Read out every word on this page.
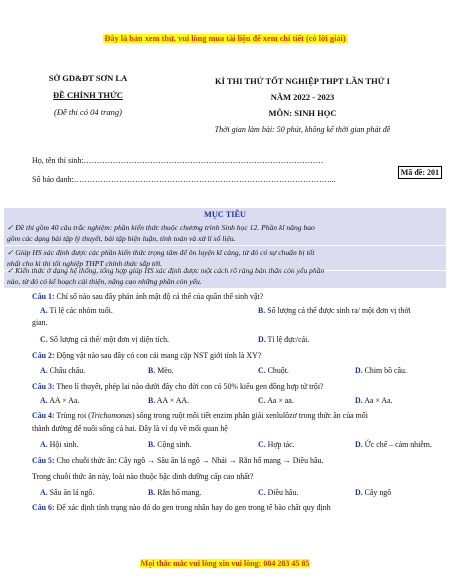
Đây là bản xem thử, vui lòng mua tài liệu để xem chi tiết (có lời giải)
SỞ GD&ĐT SƠN LA
ĐỀ CHÍNH THỨC
(Đề thi có 04 trang)
KÌ THI THỬ TỐT NGHIỆP THPT LẦN THỨ I
NĂM 2022 - 2023
MÔN: SINH HỌC
Thời gian làm bài: 50 phút, không kể thời gian phát đề
Mã đề: 201
Họ, tên thí sinh:………………………………………………………………………………
Số báo danh:……………………………………………………………………………………...
MỤC TIÊU
✓ Đề thi gồm 40 câu trắc nghiệm: phần kiến thức thuộc chương trình Sinh học 12. Phần kĩ năng bao
gồm các dạng bài tập lý thuyết, bài tập biện luận, tính toán và xử lí số liệu.
✓ Giúp HS xác định được các phần kiến thức trọng tâm để ôn luyện kĩ càng, từ đó có sự chuẩn bị tốt
nhất cho kì thi tốt nghiệp THPT chính thức sắp tới.
✓ Kiến thức ở dạng hệ thống, tổng hợp giúp HS xác định được một cách rõ ràng bản thân còn yếu phần
nào, từ đó có kế hoạch cải thiện, nâng cao những phần còn yếu.
Câu 1: Chỉ số nào sau đây phản ánh mật độ cá thể của quần thể sinh vật?
A. Tỉ lệ các nhóm tuổi.	B. Số lượng cá thể được sinh ra/ một đơn vị thời
gian.
C. Số lượng cá thể/ một đơn vị diện tích.	D. Tỉ lệ đực/cái.
Câu 2: Động vật nào sau đây có con cái mang cặp NST giới tính là XY?
A. Châu chấu.	B. Mèo.	C. Chuột.	D. Chim bồ câu.
Câu 3: Theo lí thuyết, phép lai nào dưới đây cho đời con có 50% kiểu gen đồng hợp tử trội?
A. AA × Aa.	B. AA × AA.	C. Aa × aa.	D. Aa × Aa.
Câu 4: Trùng roi (Trichomonas) sống trong ruột mối tiết enzim phân giải xenlulôzơ trong thức ăn của mối
thành đường để nuôi sống cả hai. Đây là ví dụ về mối quan hệ
A. Hội sinh.	B. Cộng sinh.	C. Hợp tác.	D. Ức chế – cảm nhiễm.
Câu 5: Cho chuỗi thức ăn: Cây ngô → Sâu ăn lá ngô → Nhái → Rắn hổ mang → Diều hâu.
Trong chuỗi thức ăn này, loài nào thuộc bậc dinh dưỡng cấp cao nhất?
A. Sâu ăn lá ngô.	B. Rắn hổ mang.	C. Diều hâu.	D. Cây ngô
Câu 6: Để xác định tính trạng nào đó do gen trong nhân hay do gen trong tế bào chất quy định
Mọi thắc mắc vui lòng xin vui lòng: 084 283 45 85
